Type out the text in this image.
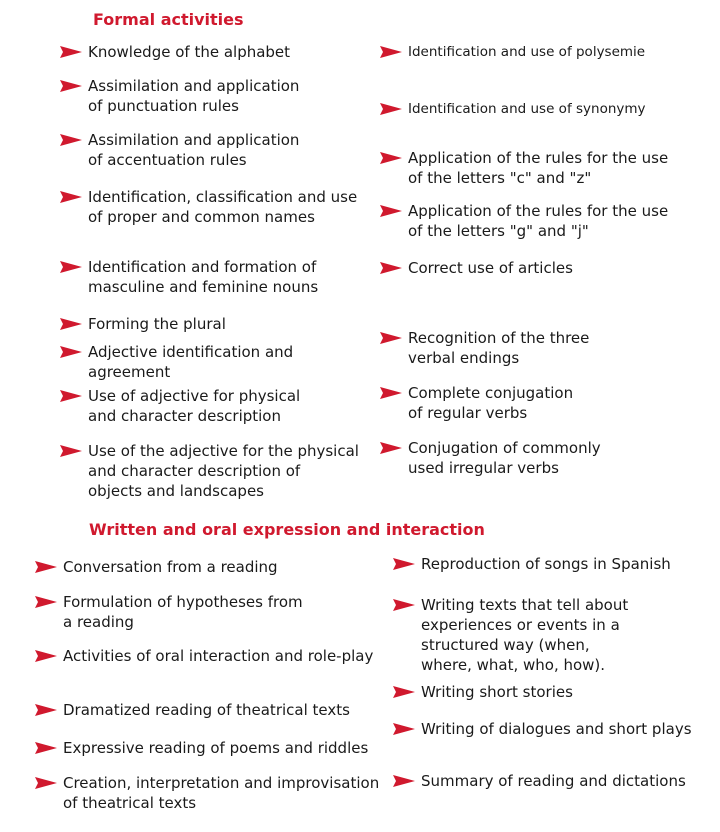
Formal activities
Knowledge of the alphabet
Assimilation and application
of punctuation rules
Assimilation and application
of accentuation rules
Identification, classification and use
of proper and common names
Identification and formation of
masculine and feminine nouns
Forming the plural
Adjective identification and
agreement
Use of adjective for physical
and character description
Use of the adjective for the physical
and character description of
objects and landscapes
Identification and use of polysemie
Identification and use of synonymy
Application of the rules for the use
of the letters "c" and "z"
Application of the rules for the use
of the letters "g" and "j"
Correct use of articles
Recognition of the three
verbal endings
Complete conjugation
of regular verbs
Conjugation of commonly
used irregular verbs
Written and oral expression and interaction
Conversation from a reading
Formulation of hypotheses from
a reading
Activities of oral interaction and role-play
Dramatized reading of theatrical texts
Expressive reading of poems and riddles
Creation, interpretation and improvisation
of theatrical texts
Reproduction of songs in Spanish
Writing texts that tell about
experiences or events in a
structured way (when,
where, what, who, how).
Writing short stories
Writing of dialogues and short plays
Summary of reading and dictations
